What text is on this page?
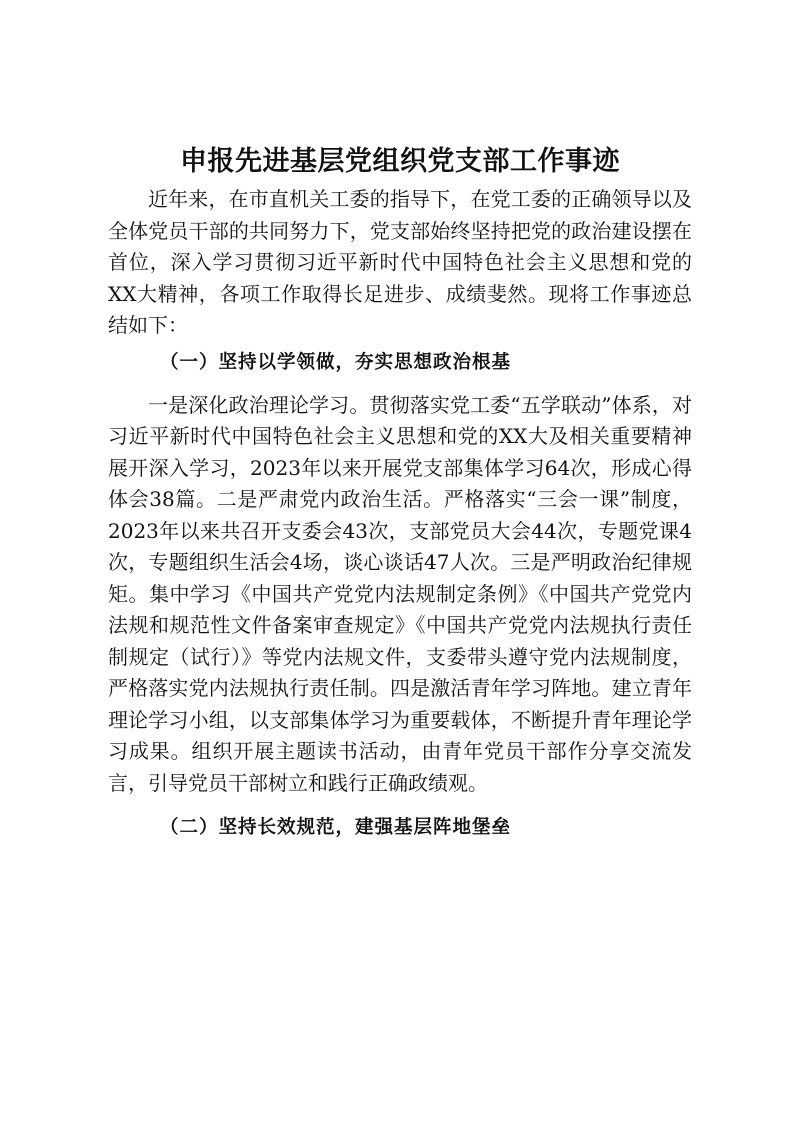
申报先进基层党组织党支部工作事迹

近年来，在市直机关工委的指导下，在党工委的正确领导以及全体党员干部的共同努力下，党支部始终坚持把党的政治建设摆在首位，深入学习贯彻习近平新时代中国特色社会主义思想和党的XX大精神，各项工作取得长足进步、成绩斐然。现将工作事迹总结如下：

（一）坚持以学领做，夯实思想政治根基

一是深化政治理论学习。贯彻落实党工委“五学联动”体系，对习近平新时代中国特色社会主义思想和党的XX大及相关重要精神展开深入学习，2023年以来开展党支部集体学习64次，形成心得体会38篇。二是严肃党内政治生活。严格落实“三会一课”制度，2023年以来共召开支委会43次，支部党员大会44次，专题党课4次，专题组织生活会4场，谈心谈话47人次。三是严明政治纪律规矩。集中学习《中国共产党党内法规制定条例》《中国共产党党内法规和规范性文件备案审查规定》《中国共产党党内法规执行责任制规定（试行）》等党内法规文件，支委带头遵守党内法规制度，严格落实党内法规执行责任制。四是激活青年学习阵地。建立青年理论学习小组，以支部集体学习为重要载体，不断提升青年理论学习成果。组织开展主题读书活动，由青年党员干部作分享交流发言，引导党员干部树立和践行正确政绩观。

（二）坚持长效规范，建强基层阵地堡垒
